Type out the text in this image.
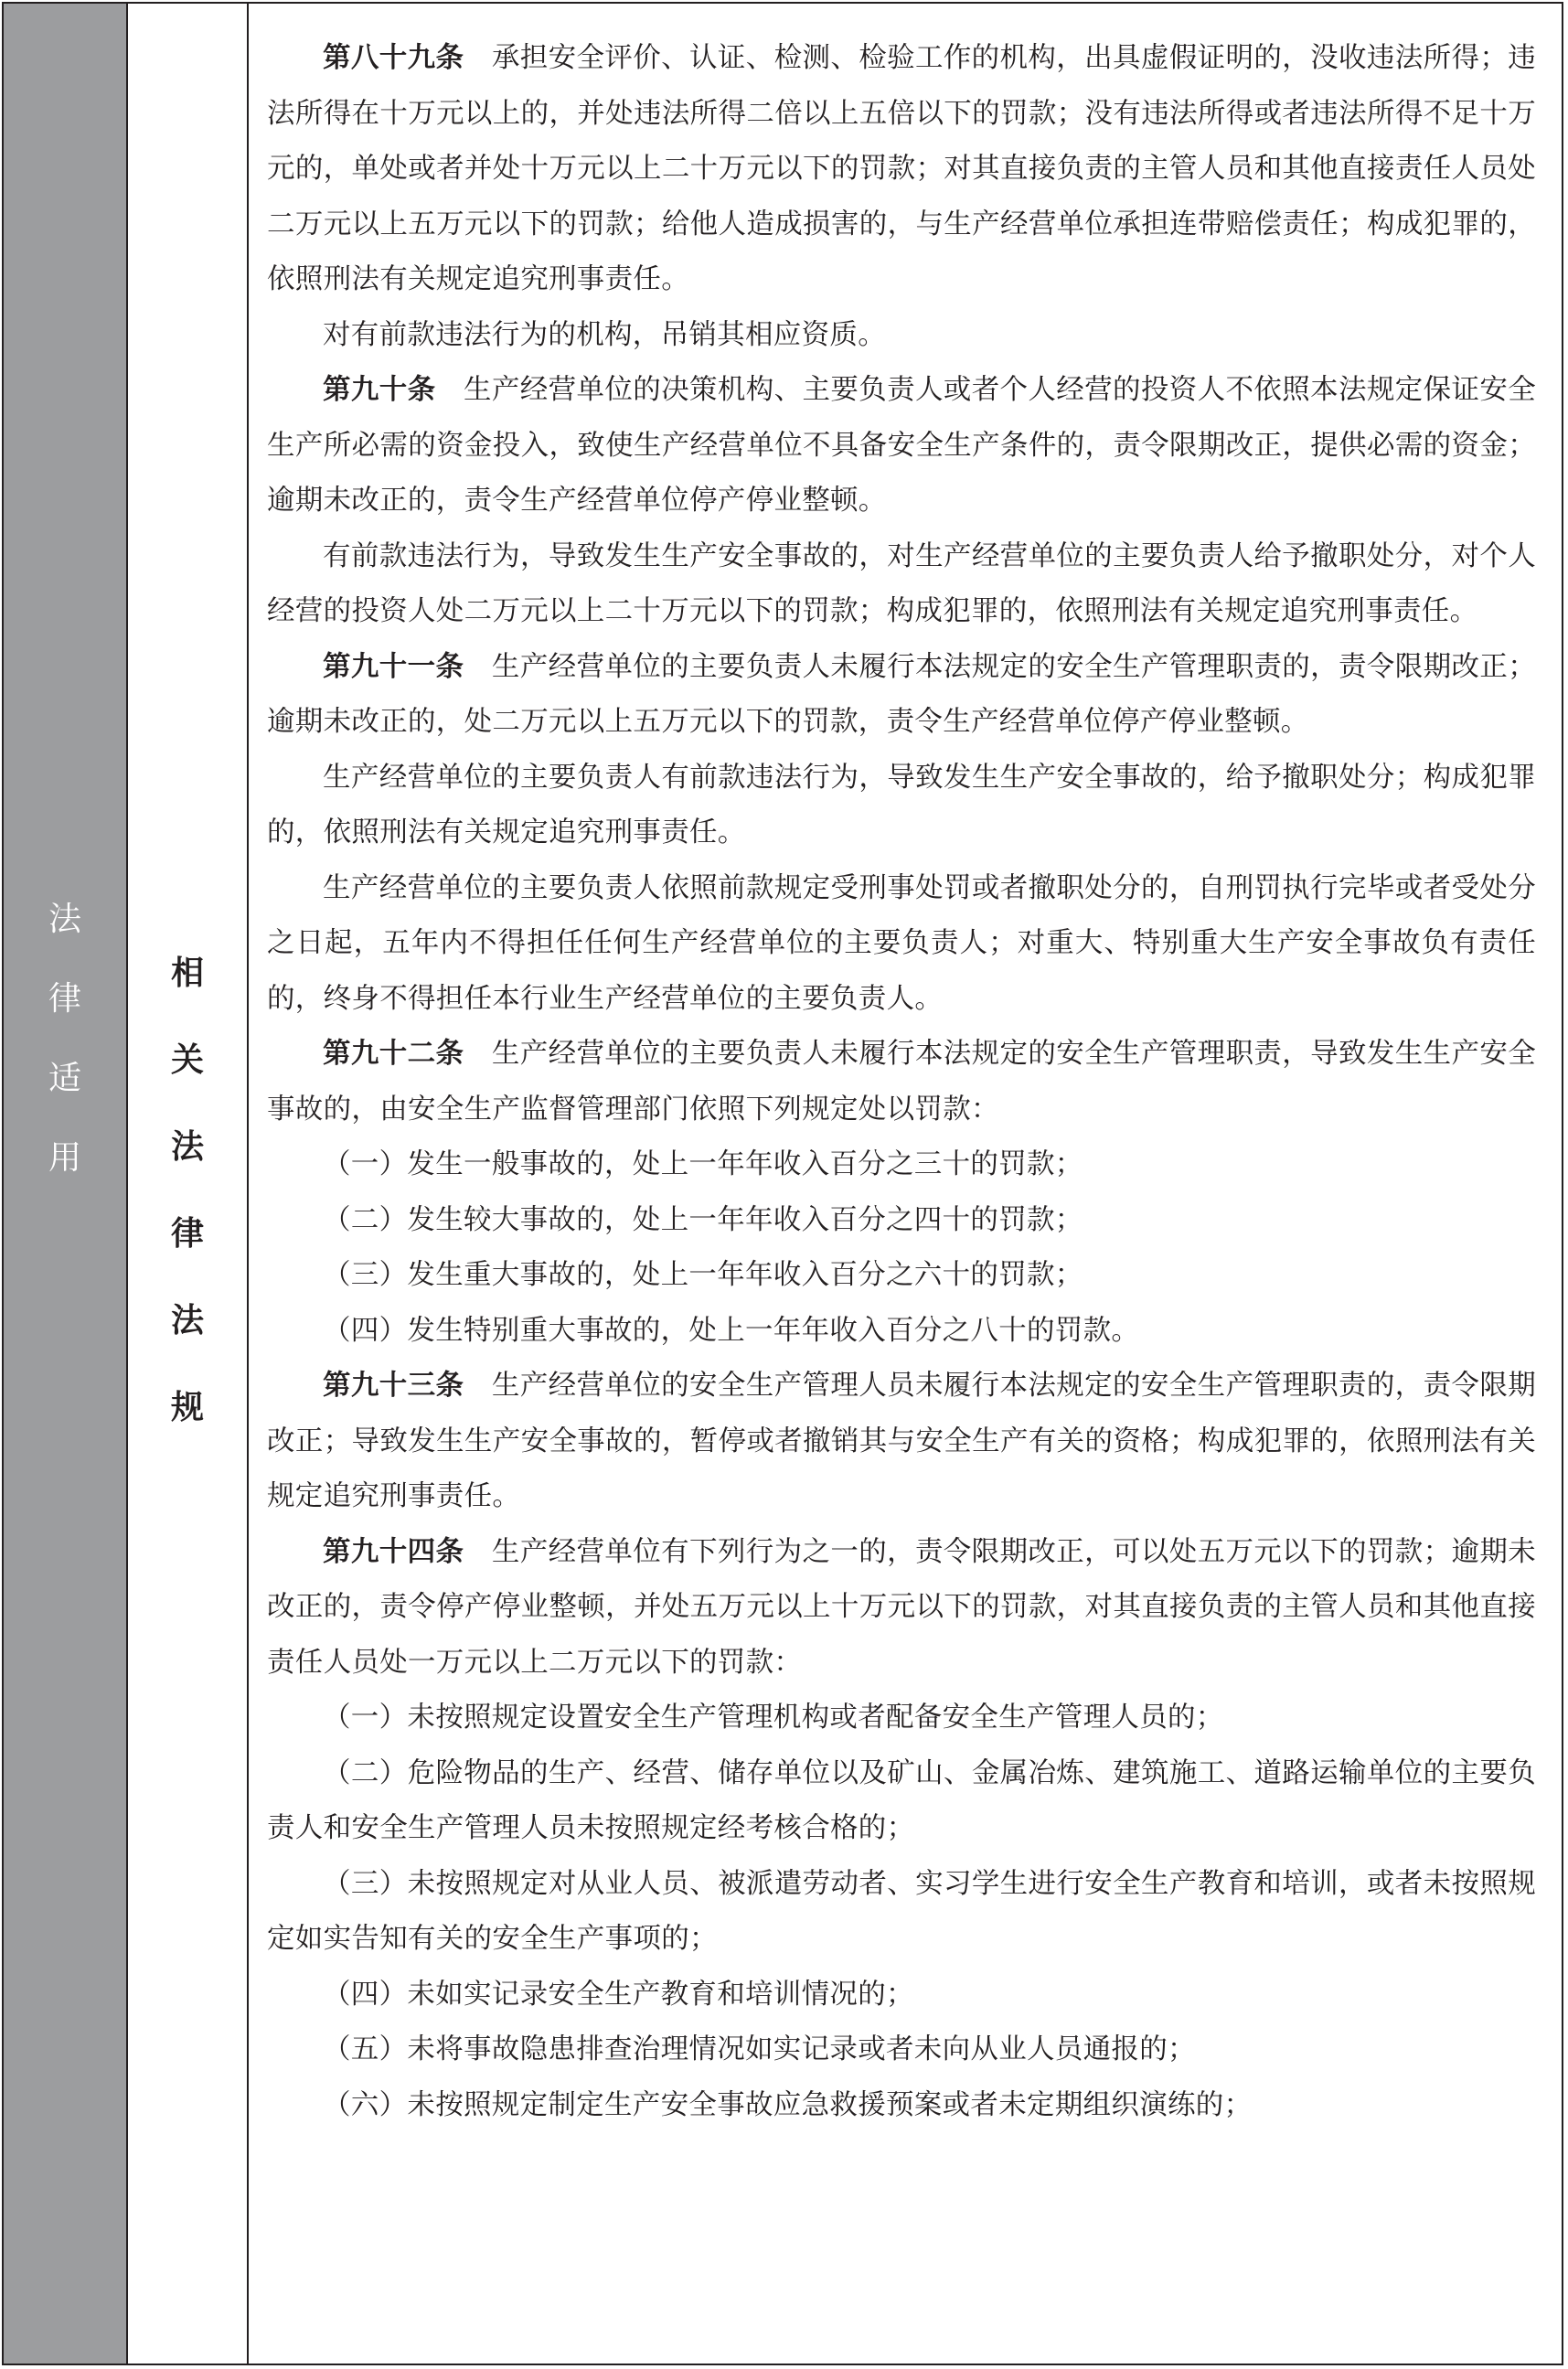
法
律
适
用
相
关
法
律
法
规

第八十九条 承担安全评价、认证、检测、检验工作的机构，出具虚假证明的，没收违法所得；违法所得在十万元以上的，并处违法所得二倍以上五倍以下的罚款；没有违法所得或者违法所得不足十万元的，单处或者并处十万元以上二十万元以下的罚款；对其直接负责的主管人员和其他直接责任人员处二万元以上五万元以下的罚款；给他人造成损害的，与生产经营单位承担连带赔偿责任；构成犯罪的，依照刑法有关规定追究刑事责任。

对有前款违法行为的机构，吊销其相应资质。

第九十条 生产经营单位的决策机构、主要负责人或者个人经营的投资人不依照本法规定保证安全生产所必需的资金投入，致使生产经营单位不具备安全生产条件的，责令限期改正，提供必需的资金；逾期未改正的，责令生产经营单位停产停业整顿。

有前款违法行为，导致发生生产安全事故的，对生产经营单位的主要负责人给予撤职处分，对个人经营的投资人处二万元以上二十万元以下的罚款；构成犯罪的，依照刑法有关规定追究刑事责任。

第九十一条 生产经营单位的主要负责人未履行本法规定的安全生产管理职责的，责令限期改正；逾期未改正的，处二万元以上五万元以下的罚款，责令生产经营单位停产停业整顿。

生产经营单位的主要负责人有前款违法行为，导致发生生产安全事故的，给予撤职处分；构成犯罪的，依照刑法有关规定追究刑事责任。

生产经营单位的主要负责人依照前款规定受刑事处罚或者撤职处分的，自刑罚执行完毕或者受处分之日起，五年内不得担任任何生产经营单位的主要负责人；对重大、特别重大生产安全事故负有责任的，终身不得担任本行业生产经营单位的主要负责人。

第九十二条 生产经营单位的主要负责人未履行本法规定的安全生产管理职责，导致发生生产安全事故的，由安全生产监督管理部门依照下列规定处以罚款：

（一）发生一般事故的，处上一年年收入百分之三十的罚款；

（二）发生较大事故的，处上一年年收入百分之四十的罚款；

（三）发生重大事故的，处上一年年收入百分之六十的罚款；

（四）发生特别重大事故的，处上一年年收入百分之八十的罚款。

第九十三条 生产经营单位的安全生产管理人员未履行本法规定的安全生产管理职责的，责令限期改正；导致发生生产安全事故的，暂停或者撤销其与安全生产有关的资格；构成犯罪的，依照刑法有关规定追究刑事责任。

第九十四条 生产经营单位有下列行为之一的，责令限期改正，可以处五万元以下的罚款；逾期未改正的，责令停产停业整顿，并处五万元以上十万元以下的罚款，对其直接负责的主管人员和其他直接责任人员处一万元以上二万元以下的罚款：

（一）未按照规定设置安全生产管理机构或者配备安全生产管理人员的；

（二）危险物品的生产、经营、储存单位以及矿山、金属冶炼、建筑施工、道路运输单位的主要负责人和安全生产管理人员未按照规定经考核合格的；

（三）未按照规定对从业人员、被派遣劳动者、实习学生进行安全生产教育和培训，或者未按照规定如实告知有关的安全生产事项的；

（四）未如实记录安全生产教育和培训情况的；

（五）未将事故隐患排查治理情况如实记录或者未向从业人员通报的；

（六）未按照规定制定生产安全事故应急救援预案或者未定期组织演练的；
